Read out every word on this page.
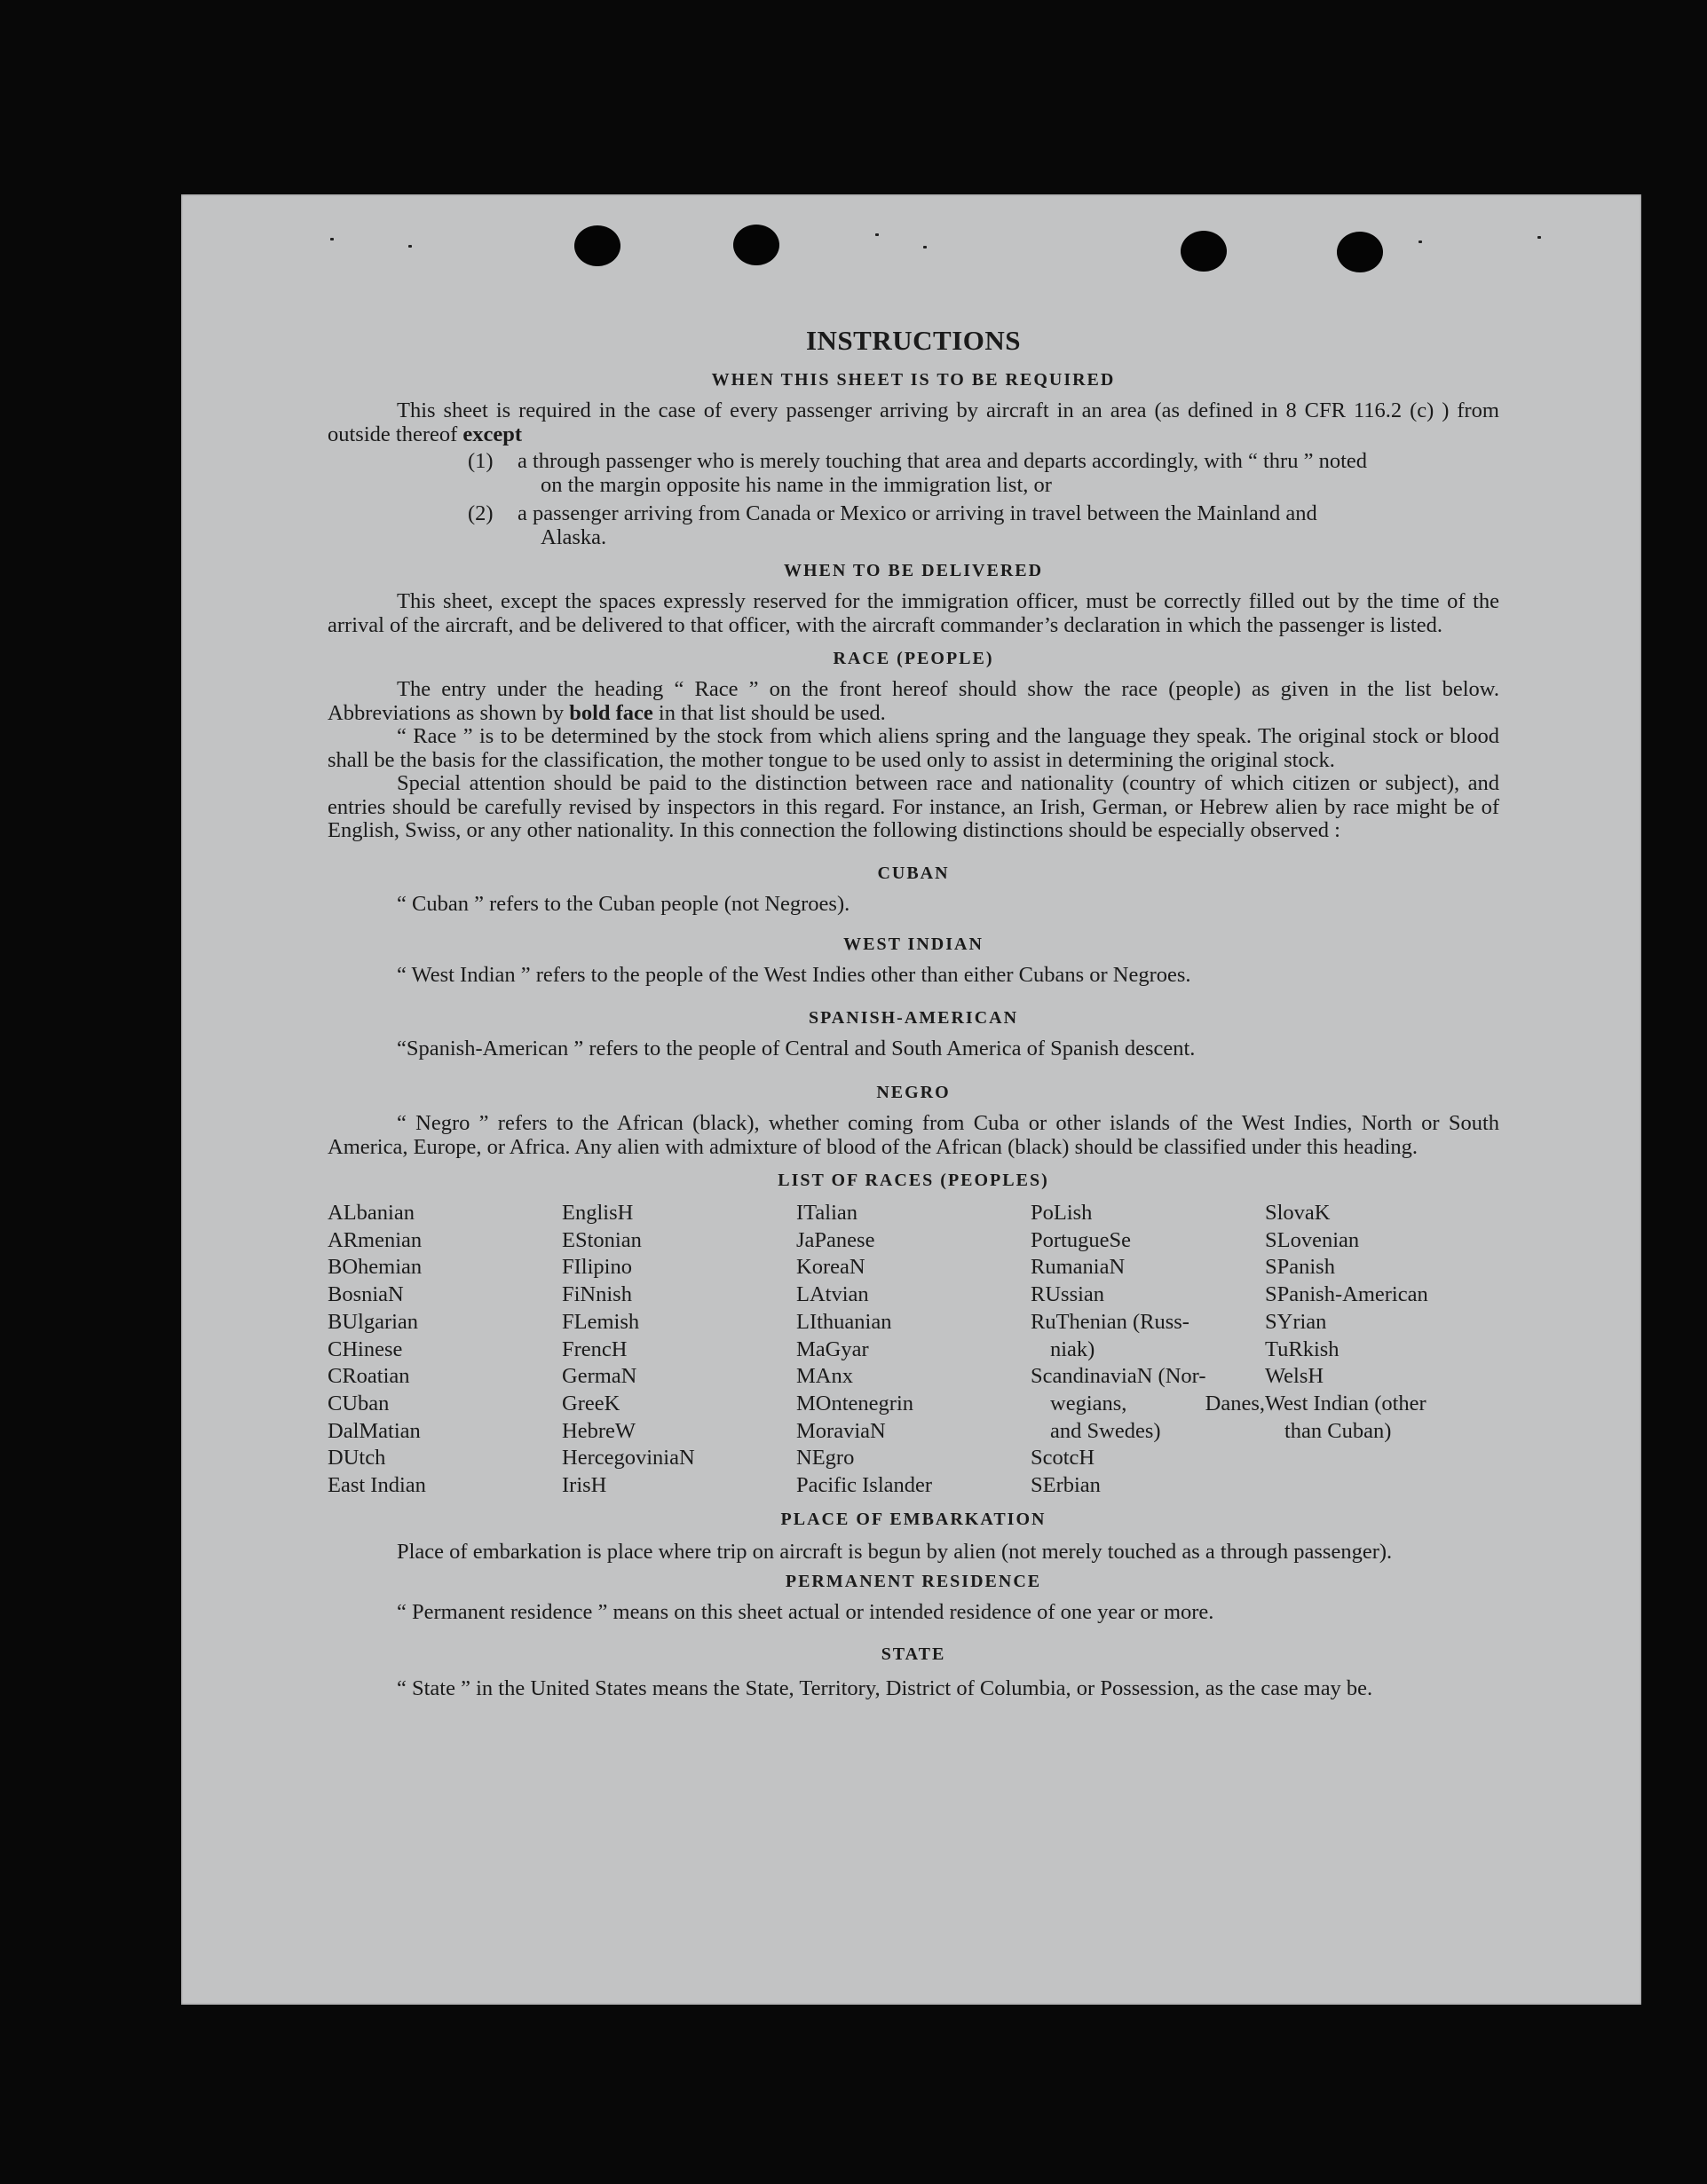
INSTRUCTIONS
WHEN THIS SHEET IS TO BE REQUIRED

This sheet is required in the case of every passenger arriving by aircraft in an area (as defined in 8 CFR 116.2 (c) ) from outside thereof except

(1)	a through passenger who is merely touching that area and departs accordingly, with “ thru ” noted
on the margin opposite his name in the immigration list, or
(2)	a passenger arriving from Canada or Mexico or arriving in travel between the Mainland and
Alaska.
WHEN TO BE DELIVERED

This sheet, except the spaces expressly reserved for the immigration officer, must be correctly filled out by the time of the arrival of the aircraft, and be delivered to that officer, with the aircraft commander’s declaration in which the passenger is listed.

RACE (PEOPLE)

The entry under the heading “ Race ” on the front hereof should show the race (people) as given in the list below. Abbreviations as shown by bold face in that list should be used.

“ Race ” is to be determined by the stock from which aliens spring and the language they speak. The original stock or blood shall be the basis for the classification, the mother tongue to be used only to assist in determining the original stock.

Special attention should be paid to the distinction between race and nationality (country of which citizen or subject), and entries should be carefully revised by inspectors in this regard. For instance, an Irish, German, or Hebrew alien by race might be of English, Swiss, or any other nationality. In this connection the following distinctions should be especially observed :

CUBAN

“ Cuban ” refers to the Cuban people (not Negroes).

WEST INDIAN

“ West Indian ” refers to the people of the West Indies other than either Cubans or Negroes.

SPANISH-AMERICAN

“Spanish-American ” refers to the people of Central and South America of Spanish descent.

NEGRO

“ Negro ” refers to the African (black), whether coming from Cuba or other islands of the West Indies, North or South America, Europe, or Africa. Any alien with admixture of blood of the African (black) should be classified under this heading.

LIST OF RACES (PEOPLES)
ALbanian
ARmenian
BOhemian
BosniaN
BUlgarian
CHinese
CRoatian
CUban
DalMatian
DUtch
East Indian
EnglisH
EStonian
FIlipino
FiNnish
FLemish
FrencH
GermaN
GreeK
HebreW
HercegoviniaN
IrisH
ITalian
JaPanese
KoreaN
LAtvian
LIthuanian
MaGyar
MAnx
MOntenegrin
MoraviaN
NEgro
Pacific Islander
PoLish
PortugueSe
RumaniaN
RUssian
RuThenian (Russ-
niak)
ScandinaviaN (Nor-
wegians, Danes,
and Swedes)
ScotcH
SErbian
SlovaK
SLovenian
SPanish
SPanish-American
SYrian
TuRkish
WelsH
West Indian (other
than Cuban)
PLACE OF EMBARKATION

Place of embarkation is place where trip on aircraft is begun by alien (not merely touched as a through passenger).

PERMANENT RESIDENCE

“ Permanent residence ” means on this sheet actual or intended residence of one year or more.

STATE

“ State ” in the United States means the State, Territory, District of Columbia, or Possession, as the case may be.
